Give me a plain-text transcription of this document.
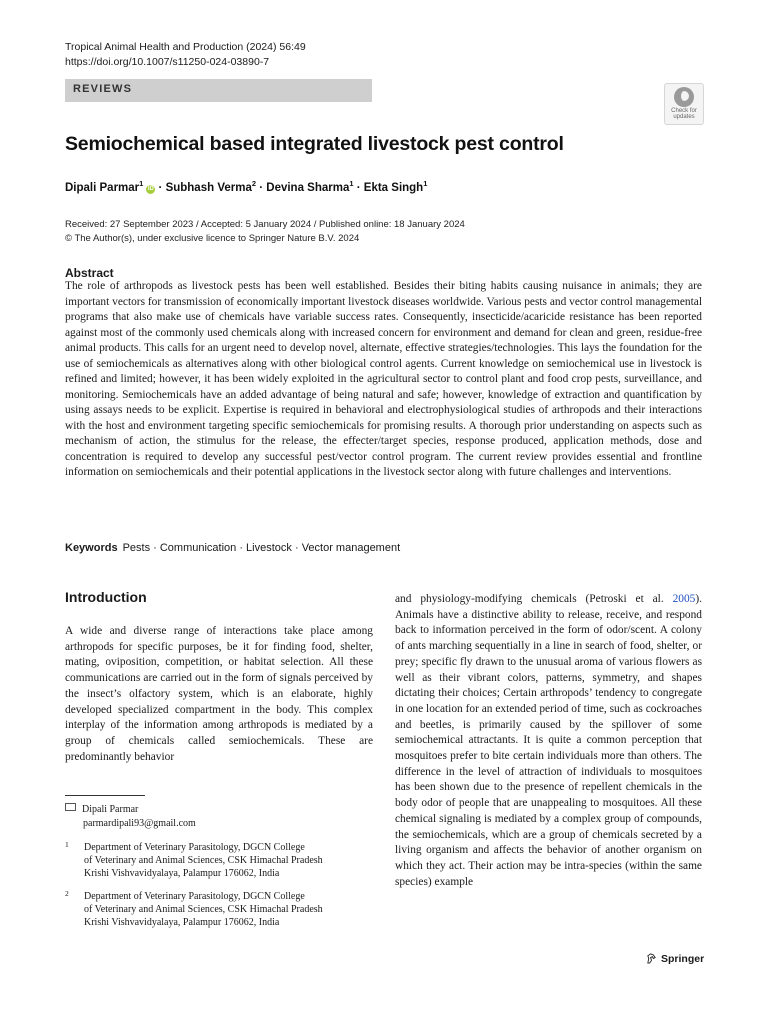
Tropical Animal Health and Production (2024) 56:49
https://doi.org/10.1007/s11250-024-03890-7
REVIEWS
Check for
updates
Semiochemical based integrated livestock pest control
Dipali Parmar$^1$iD · Subhash Verma$^2$ · Devina Sharma$^1$ · Ekta Singh$^1$
Received: 27 September 2023 / Accepted: 5 January 2024 / Published online: 18 January 2024
© The Author(s), under exclusive licence to Springer Nature B.V. 2024
Abstract
The role of arthropods as livestock pests has been well established. Besides their biting habits causing nuisance in animals; they are important vectors for transmission of economically important livestock diseases worldwide. Various pests and vector control managemental programs that also make use of chemicals have variable success rates. Consequently, insecticide/acaricide resistance has been reported against most of the commonly used chemicals along with increased concern for environment and demand for clean and green, residue-free animal products. This calls for an urgent need to develop novel, alternate, effective strategies/technologies. This lays the foundation for the use of semiochemicals as alternatives along with other biological control agents. Current knowledge on semiochemical use in livestock is refined and limited; however, it has been widely exploited in the agricultural sector to control plant and food crop pests, surveillance, and monitoring. Semiochemicals have an added advantage of being natural and safe; however, knowledge of extraction and quantification by using assays needs to be explicit. Expertise is required in behavioral and electrophysiological studies of arthropods and their interactions with the host and environment targeting specific semiochemicals for promising results. A thorough prior understanding on aspects such as mechanism of action, the stimulus for the release, the effecter/target species, response produced, application methods, dose and concentration is required to develop any successful pest/vector control program. The current review provides essential and frontline information on semiochemicals and their potential applications in the livestock sector along with future challenges and interventions.
Keywords Pests · Communication · Livestock · Vector management
Introduction
A wide and diverse range of interactions take place among arthropods for specific purposes, be it for finding food, shelter, mating, oviposition, competition, or habitat selection. All these communications are carried out in the form of signals perceived by the insect’s olfactory system, which is an elaborate, highly developed specialized compartment in the body. This complex interplay of the information among arthropods is mediated by a group of chemicals called semiochemicals. These are predominantly behavior
Dipali Parmar
parmardipali93@gmail.com
1 Department of Veterinary Parasitology, DGCN College
of Veterinary and Animal Sciences, CSK Himachal Pradesh
Krishi Vishvavidyalaya, Palampur 176062, India
2 Department of Veterinary Parasitology, DGCN College
of Veterinary and Animal Sciences, CSK Himachal Pradesh
Krishi Vishvavidyalaya, Palampur 176062, India
and physiology-modifying chemicals (Petroski et al. 2005). Animals have a distinctive ability to release, receive, and respond back to information perceived in the form of odor/scent. A colony of ants marching sequentially in a line in search of food, shelter, or prey; specific fly drawn to the unusual aroma of various flowers as well as their vibrant colors, patterns, symmetry, and shapes dictating their choices; Certain arthropods’ tendency to congregate in one location for an extended period of time, such as cockroaches and beetles, is primarily caused by the spillover of some semiochemical attractants. It is quite a common perception that mosquitoes prefer to bite certain individuals more than others. The difference in the level of attraction of individuals to mosquitoes has been shown due to the presence of repellent chemicals in the body odor of people that are unappealing to mosquitoes. All these chemical signaling is mediated by a complex group of compounds, the semiochemicals, which are a group of chemicals secreted by a living organism and affects the behavior of another organism on which they act. Their action may be intra-species (within the same species) example
Springer
